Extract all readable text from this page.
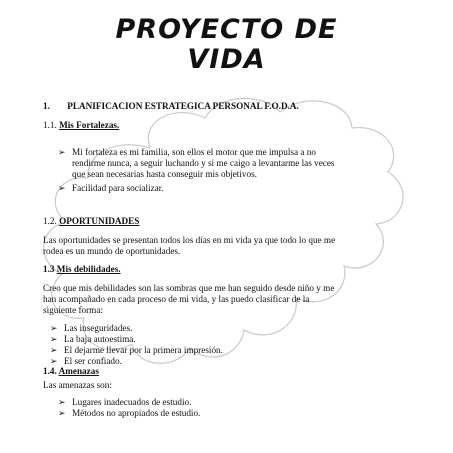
PROYECTO DE
VIDA
1. PLANIFICACION ESTRATEGICA PERSONAL F.O.D.A.
1.1. Mis Fortalezas.
➢ Mi fortaleza es mi familia, son ellos el motor que me impulsa a no
rendirme nunca, a seguir luchando y si me caigo a levantarme las veces
que sean necesarias hasta conseguir mis objetivos.
➢ Facilidad para socializar.
1.2. OPORTUNIDADES
Las oportunidades se presentan todos los días en mi vida ya que todo lo que me
rodea es un mundo de oportunidades.
1.3 Mis debilidades.
Creo que mis debilidades son las sombras que me han seguido desde niño y me
han acompañado en cada proceso de mi vida, y las puedo clasificar de la
siguiente forma:
➢ Las inseguridades.
➢ La baja autoestima.
➢ El dejarme llevar por la primera impresión.
➢ El ser confiado.
1.4. Amenazas
Las amenazas son:
➢ Lugares inadecuados de estudio.
➢ Métodos no apropiados de estudio.
